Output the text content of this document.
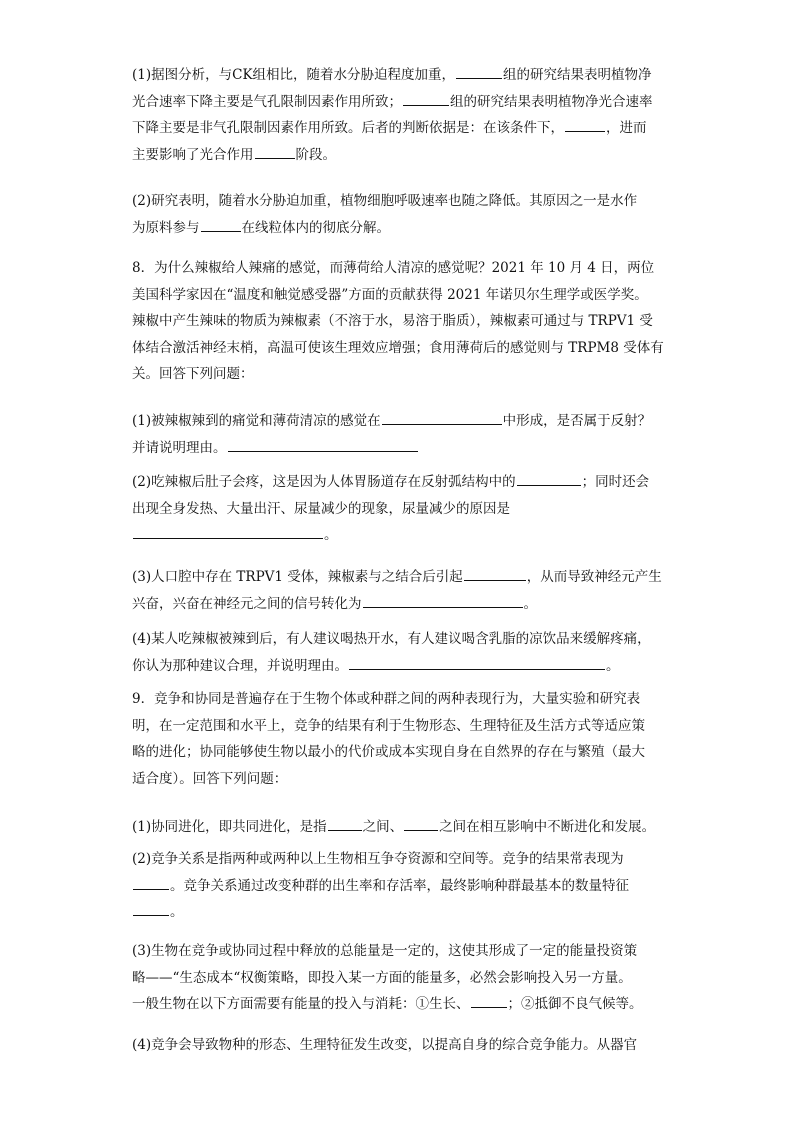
(1)据图分析，与CK组相比，随着水分胁迫程度加重，	组的研究结果表明植物净
光合速率下降主要是气孔限制因素作用所致；	组的研究结果表明植物净光合速率
下降主要是非气孔限制因素作用所致。后者的判断依据是：在该条件下，	，进而
主要影响了光合作用	阶段。
(2)研究表明，随着水分胁迫加重，植物细胞呼吸速率也随之降低。其原因之一是水作
为原料参与	在线粒体内的彻底分解。
8．为什么辣椒给人辣痛的感觉，而薄荷给人清凉的感觉呢？2021 年 10 月 4 日，两位
美国科学家因在“温度和触觉感受器”方面的贡献获得 2021 年诺贝尔生理学或医学奖。
辣椒中产生辣味的物质为辣椒素（不溶于水，易溶于脂质），辣椒素可通过与 TRPV1 受
体结合激活神经末梢，高温可使该生理效应增强；食用薄荷后的感觉则与 TRPM8 受体有
关。回答下列问题：
(1)被辣椒辣到的痛觉和薄荷清凉的感觉在	中形成，是否属于反射？
并请说明理由。
(2)吃辣椒后肚子会疼，这是因为人体胃肠道存在反射弧结构中的	；同时还会
出现全身发热、大量出汗、尿量减少的现象，尿量减少的原因是
。
(3)人口腔中存在 TRPV1 受体，辣椒素与之结合后引起	，从而导致神经元产生
兴奋，兴奋在神经元之间的信号转化为	。
(4)某人吃辣椒被辣到后，有人建议喝热开水，有人建议喝含乳脂的凉饮品来缓解疼痛，
你认为那种建议合理，并说明理由。	。
9．竞争和协同是普遍存在于生物个体或种群之间的两种表现行为，大量实验和研究表
明，在一定范围和水平上，竞争的结果有利于生物形态、生理特征及生活方式等适应策
略的进化；协同能够使生物以最小的代价或成本实现自身在自然界的存在与繁殖（最大
适合度）。回答下列问题：
(1)协同进化，即共同进化，是指	之间、	之间在相互影响中不断进化和发展。
(2)竞争关系是指两种或两种以上生物相互争夺资源和空间等。竞争的结果常表现为
。竞争关系通过改变种群的出生率和存活率，最终影响种群最基本的数量特征
。
(3)生物在竞争或协同过程中释放的总能量是一定的，这使其形成了一定的能量投资策
略——“生态成本“权衡策略，即投入某一方面的能量多，必然会影响投入另一方量。
一般生物在以下方面需要有能量的投入与消耗：①生长、	；②抵御不良气候等。
(4)竞争会导致物种的形态、生理特征发生改变，以提高自身的综合竞争能力。从器官
